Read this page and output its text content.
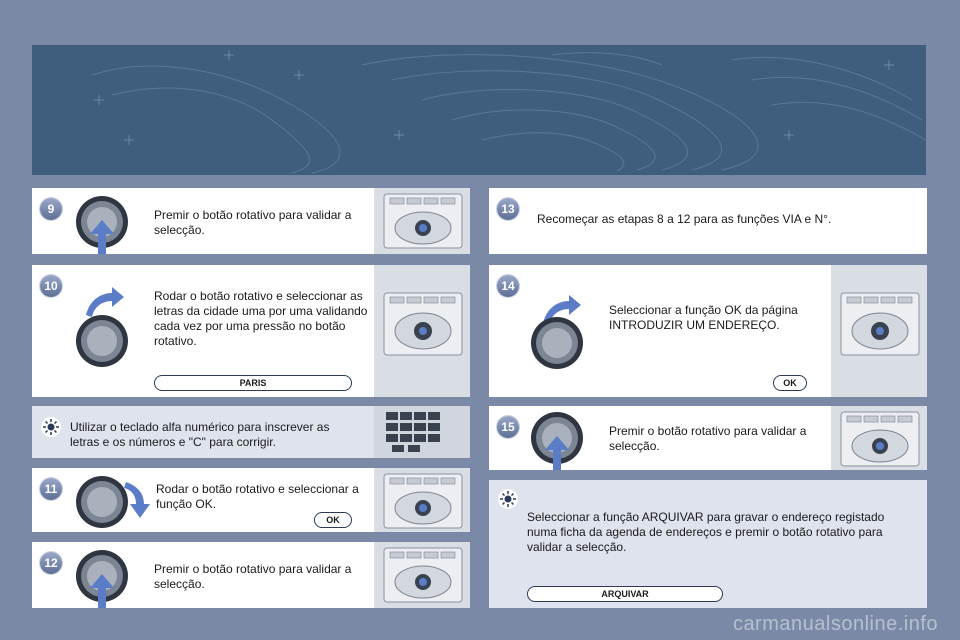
9	Premir o botão rotativo para validar a selecção.
10
Rodar o botão rotativo e seleccionar as letras da cidade uma por uma validando cada vez por uma pressão no botão rotativo.
PARIS
Utilizar o teclado alfa numérico para inscrever as letras e os números e "C" para corrigir.
11	Rodar o botão rotativo e seleccionar a função OK.
OK
12	Premir o botão rotativo para validar a selecção.
13
Recomeçar as etapas 8 a 12 para as funções VIA e N°.
14
Seleccionar a função OK da página INTRODUZIR UM ENDEREÇO.
OK
15	Premir o botão rotativo para validar a selecção.
Seleccionar a função ARQUIVAR para gravar o endereço registado numa ficha da agenda de endereços e premir o botão rotativo para validar a selecção.
ARQUIVAR
carmanualsonline.info
